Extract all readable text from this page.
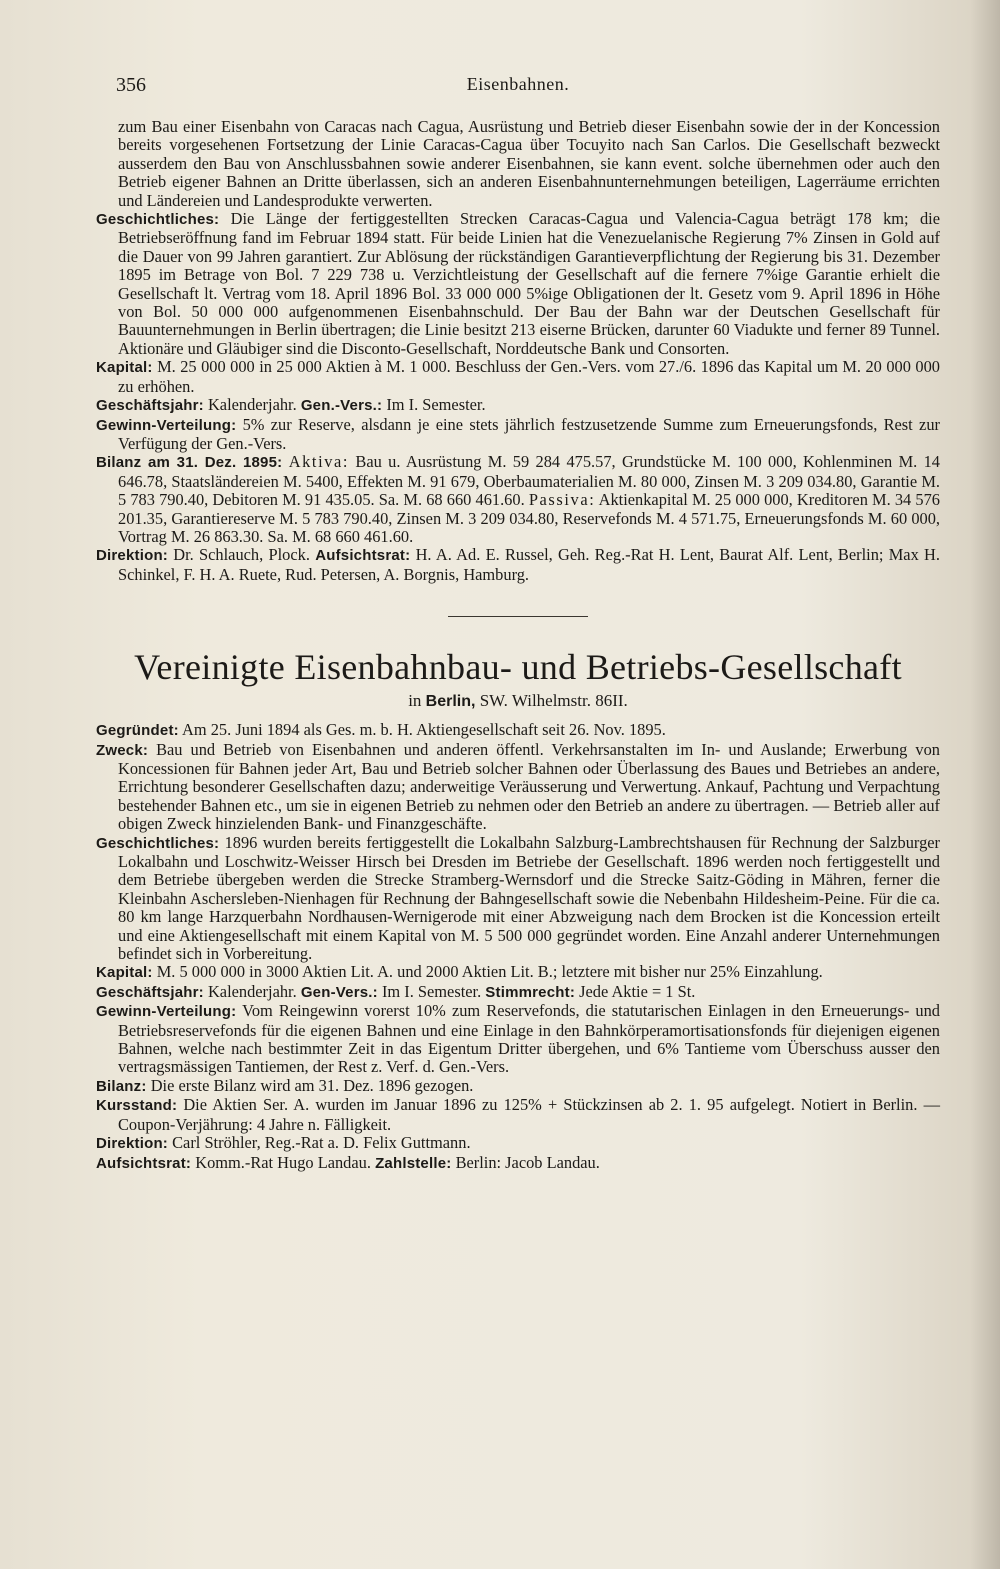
356	Eisenbahnen.

zum Bau einer Eisenbahn von Caracas nach Cagua, Ausrüstung und Betrieb dieser Eisenbahn sowie der in der Koncession bereits vorgesehenen Fortsetzung der Linie Caracas-Cagua über Tocuyito nach San Carlos. Die Gesellschaft bezweckt ausserdem den Bau von Anschlussbahnen sowie anderer Eisenbahnen, sie kann event. solche übernehmen oder auch den Betrieb eigener Bahnen an Dritte überlassen, sich an anderen Eisenbahnunternehmungen beteiligen, Lagerräume errichten und Ländereien und Landesprodukte verwerten.

Geschichtliches: Die Länge der fertiggestellten Strecken Caracas-Cagua und Valencia-Cagua beträgt 178 km; die Betriebseröffnung fand im Februar 1894 statt. Für beide Linien hat die Venezuelanische Regierung 7% Zinsen in Gold auf die Dauer von 99 Jahren garantiert. Zur Ablösung der rückständigen Garantieverpflichtung der Regierung bis 31. Dezember 1895 im Betrage von Bol. 7 229 738 u. Verzichtleistung der Gesellschaft auf die fernere 7%ige Garantie erhielt die Gesellschaft lt. Vertrag vom 18. April 1896 Bol. 33 000 000 5%ige Obligationen der lt. Gesetz vom 9. April 1896 in Höhe von Bol. 50 000 000 aufgenommenen Eisenbahnschuld. Der Bau der Bahn war der Deutschen Gesellschaft für Bauunternehmungen in Berlin übertragen; die Linie besitzt 213 eiserne Brücken, darunter 60 Viadukte und ferner 89 Tunnel. Aktionäre und Gläubiger sind die Disconto-Gesellschaft, Norddeutsche Bank und Consorten.

Kapital: M. 25 000 000 in 25 000 Aktien à M. 1 000. Beschluss der Gen.-Vers. vom 27./6. 1896 das Kapital um M. 20 000 000 zu erhöhen.

Geschäftsjahr: Kalenderjahr. Gen.-Vers.: Im I. Semester.

Gewinn-Verteilung: 5% zur Reserve, alsdann je eine stets jährlich festzusetzende Summe zum Erneuerungsfonds, Rest zur Verfügung der Gen.-Vers.

Bilanz am 31. Dez. 1895: Aktiva: Bau u. Ausrüstung M. 59 284 475.57, Grundstücke M. 100 000, Kohlenminen M. 14 646.78, Staatsländereien M. 5400, Effekten M. 91 679, Oberbaumaterialien M. 80 000, Zinsen M. 3 209 034.80, Garantie M. 5 783 790.40, Debitoren M. 91 435.05. Sa. M. 68 660 461.60. Passiva: Aktienkapital M. 25 000 000, Kreditoren M. 34 576 201.35, Garantiereserve M. 5 783 790.40, Zinsen M. 3 209 034.80, Reservefonds M. 4 571.75, Erneuerungsfonds M. 60 000, Vortrag M. 26 863.30. Sa. M. 68 660 461.60.

Direktion: Dr. Schlauch, Plock. Aufsichtsrat: H. A. Ad. E. Russel, Geh. Reg.-Rat H. Lent, Baurat Alf. Lent, Berlin; Max H. Schinkel, F. H. A. Ruete, Rud. Petersen, A. Borgnis, Hamburg.

Vereinigte Eisenbahnbau- und Betriebs-Gesellschaft

in Berlin, SW. Wilhelmstr. 86II.

Gegründet: Am 25. Juni 1894 als Ges. m. b. H. Aktiengesellschaft seit 26. Nov. 1895.

Zweck: Bau und Betrieb von Eisenbahnen und anderen öffentl. Verkehrsanstalten im In- und Auslande; Erwerbung von Koncessionen für Bahnen jeder Art, Bau und Betrieb solcher Bahnen oder Überlassung des Baues und Betriebes an andere, Errichtung besonderer Gesellschaften dazu; anderweitige Veräusserung und Verwertung. Ankauf, Pachtung und Verpachtung bestehender Bahnen etc., um sie in eigenen Betrieb zu nehmen oder den Betrieb an andere zu übertragen. — Betrieb aller auf obigen Zweck hinzielenden Bank- und Finanzgeschäfte.

Geschichtliches: 1896 wurden bereits fertiggestellt die Lokalbahn Salzburg-Lambrechtshausen für Rechnung der Salzburger Lokalbahn und Loschwitz-Weisser Hirsch bei Dresden im Betriebe der Gesellschaft. 1896 werden noch fertiggestellt und dem Betriebe übergeben werden die Strecke Stramberg-Wernsdorf und die Strecke Saitz-Göding in Mähren, ferner die Kleinbahn Aschersleben-Nienhagen für Rechnung der Bahngesellschaft sowie die Nebenbahn Hildesheim-Peine. Für die ca. 80 km lange Harzquerbahn Nordhausen-Wernigerode mit einer Abzweigung nach dem Brocken ist die Koncession erteilt und eine Aktiengesellschaft mit einem Kapital von M. 5 500 000 gegründet worden. Eine Anzahl anderer Unternehmungen befindet sich in Vorbereitung.

Kapital: M. 5 000 000 in 3000 Aktien Lit. A. und 2000 Aktien Lit. B.; letztere mit bisher nur 25% Einzahlung.

Geschäftsjahr: Kalenderjahr. Gen-Vers.: Im I. Semester. Stimmrecht: Jede Aktie = 1 St.

Gewinn-Verteilung: Vom Reingewinn vorerst 10% zum Reservefonds, die statutarischen Einlagen in den Erneuerungs- und Betriebsreservefonds für die eigenen Bahnen und eine Einlage in den Bahnkörperamortisationsfonds für diejenigen eigenen Bahnen, welche nach bestimmter Zeit in das Eigentum Dritter übergehen, und 6% Tantieme vom Überschuss ausser den vertragsmässigen Tantiemen, der Rest z. Verf. d. Gen.-Vers.

Bilanz: Die erste Bilanz wird am 31. Dez. 1896 gezogen.

Kursstand: Die Aktien Ser. A. wurden im Januar 1896 zu 125% + Stückzinsen ab 2. 1. 95 aufgelegt. Notiert in Berlin. — Coupon-Verjährung: 4 Jahre n. Fälligkeit.

Direktion: Carl Ströhler, Reg.-Rat a. D. Felix Guttmann.

Aufsichtsrat: Komm.-Rat Hugo Landau. Zahlstelle: Berlin: Jacob Landau.
